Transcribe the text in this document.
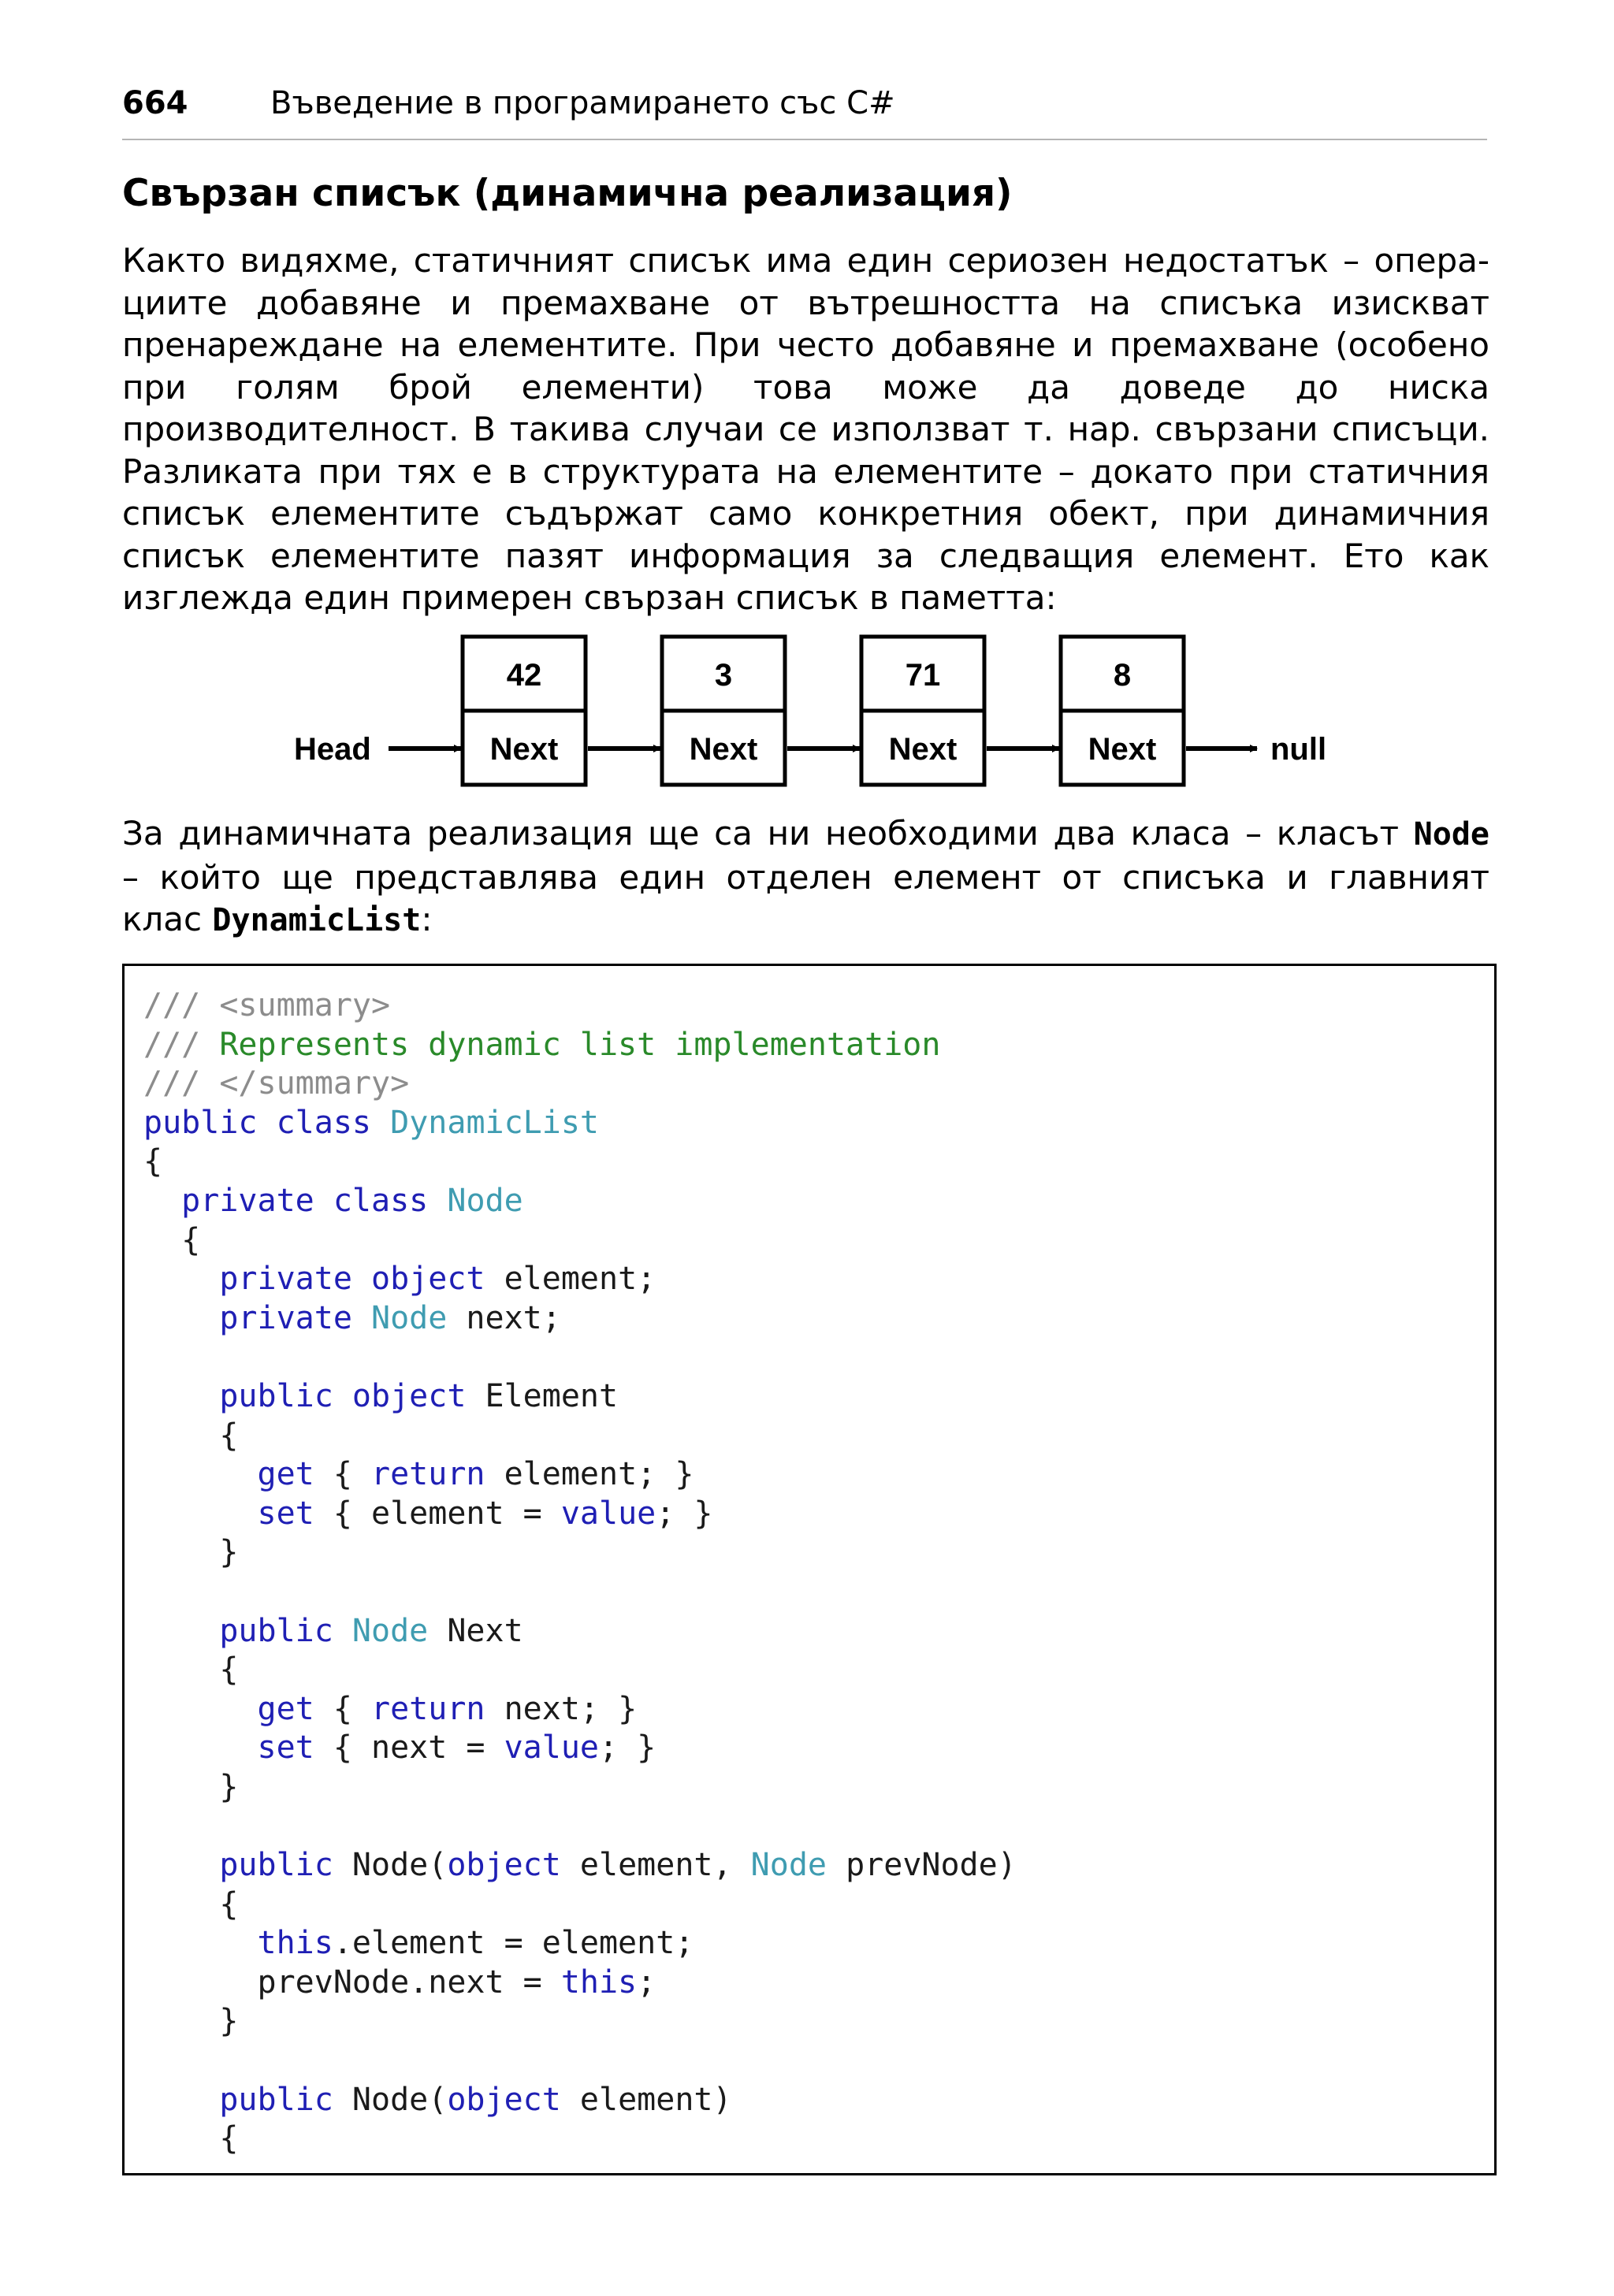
664	Въведение в програмирането със C#
Свързан списък (динамична реализация)

Както видяхме, статичният списък има един сериозен недостатък – опера-
циите добавяне и премахване от вътрешността на списъка изискват
пренареждане на елементите. При често добавяне и премахване (особено
при голям брой елементи) това може да доведе до ниска
производителност. В такива случаи се използват т. нар. свързани списъци.
Разликата при тях е в структурата на елементите – докато при статичния
списък елементите съдържат само конкретния обект, при динамичния
списък елементите пазят информация за следващия елемент. Ето как
изглежда един примерен свързан списък в паметта:

Head
42
Next
3
Next
71
Next
8
Next	null

За динамичната реализация ще са ни необходими два класа – класът Node
– който ще представлява един отделен елемент от списъка и главният
клас DynamicList:

/// <summary>
/// Represents dynamic list implementation
/// </summary>
public class DynamicList
{
private class Node
{
private object element;
private Node next;
public object Element
{
get { return element; }
set { element = value; }
}
public Node Next
{
get { return next; }
set { next = value; }
}
public Node(object element, Node prevNode)
{
this.element = element;
prevNode.next = this;
}
public Node(object element)
{
